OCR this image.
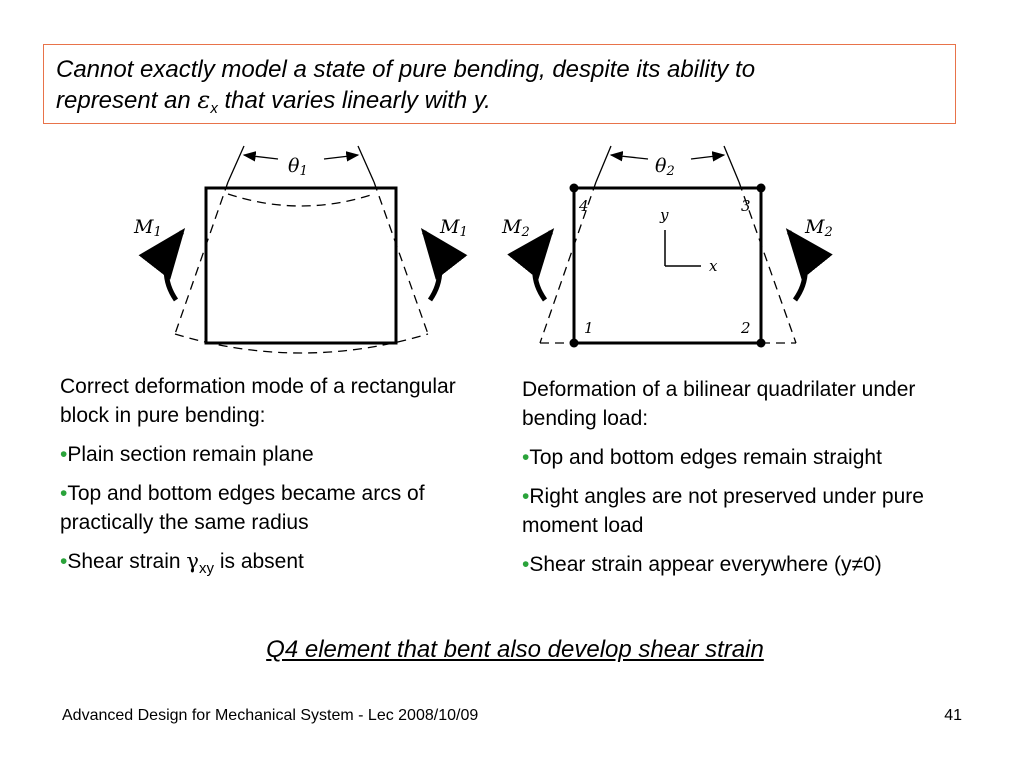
Cannot exactly model a state of pure bending, despite its ability to
represent an $\varepsilon_x$ that varies linearly with y.
θ1
M1	M1
θ2
1	2
3
4	y
x
M2	M2

Correct deformation mode of a rectangular block in pure bending:

•Plain section remain plane

•Top and bottom edges became arcs of practically the same radius

•Shear strain $\gamma_{xy}$ is absent

Deformation of a bilinear quadrilater under bending load:

•Top and bottom edges remain straight

•Right angles are not preserved under pure moment load

•Shear strain appear everywhere (y≠0)

Q4 element that bent also develop shear strain
Advanced Design for Mechanical System - Lec 2008/10/09	41
